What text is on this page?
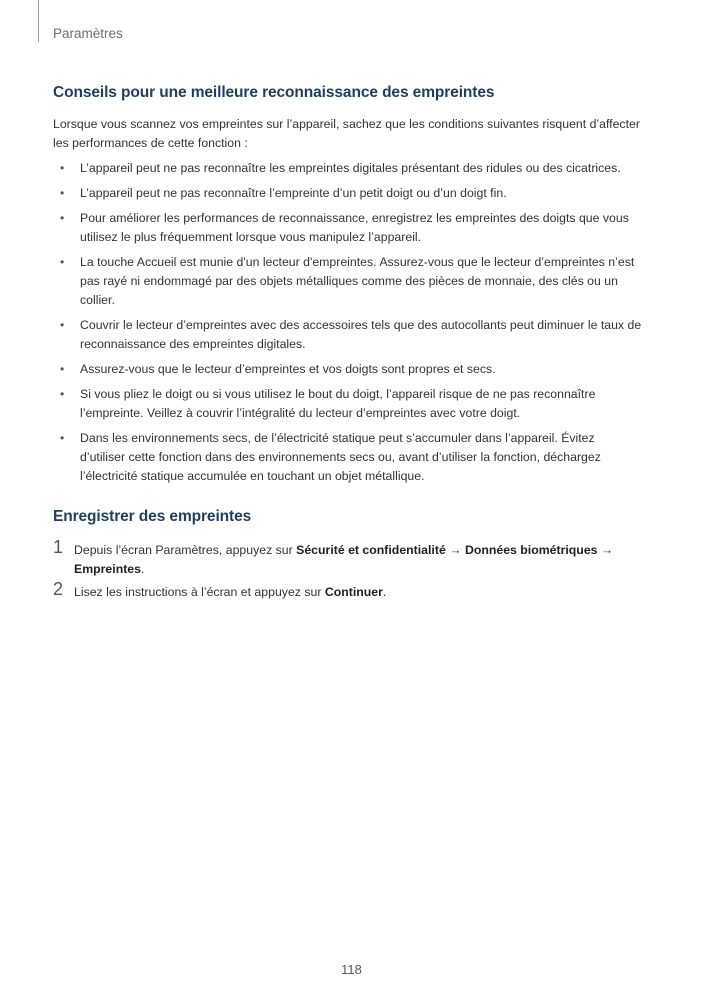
Paramètres
Conseils pour une meilleure reconnaissance des empreintes

Lorsque vous scannez vos empreintes sur l’appareil, sachez que les conditions suivantes risquent d’affecter les performances de cette fonction :

• L’appareil peut ne pas reconnaître les empreintes digitales présentant des ridules ou des cicatrices.
• L’appareil peut ne pas reconnaître l’empreinte d’un petit doigt ou d’un doigt fin.
• Pour améliorer les performances de reconnaissance, enregistrez les empreintes des doigts que vous utilisez le plus fréquemment lorsque vous manipulez l’appareil.
• La touche Accueil est munie d'un lecteur d'empreintes. Assurez-vous que le lecteur d’empreintes n’est pas rayé ni endommagé par des objets métalliques comme des pièces de monnaie, des clés ou un collier.
• Couvrir le lecteur d’empreintes avec des accessoires tels que des autocollants peut diminuer le taux de reconnaissance des empreintes digitales.
• Assurez-vous que le lecteur d’empreintes et vos doigts sont propres et secs.
• Si vous pliez le doigt ou si vous utilisez le bout du doigt, l’appareil risque de ne pas reconnaître l’empreinte. Veillez à couvrir l’intégralité du lecteur d’empreintes avec votre doigt.
• Dans les environnements secs, de l’électricité statique peut s’accumuler dans l’appareil. Évitez d’utiliser cette fonction dans des environnements secs ou, avant d’utiliser la fonction, déchargez l’électricité statique accumulée en touchant un objet métallique.
Enregistrer des empreintes
1 Depuis l’écran Paramètres, appuyez sur Sécurité et confidentialité → Données biométriques → Empreintes.
2 Lisez les instructions à l’écran et appuyez sur Continuer.
118
